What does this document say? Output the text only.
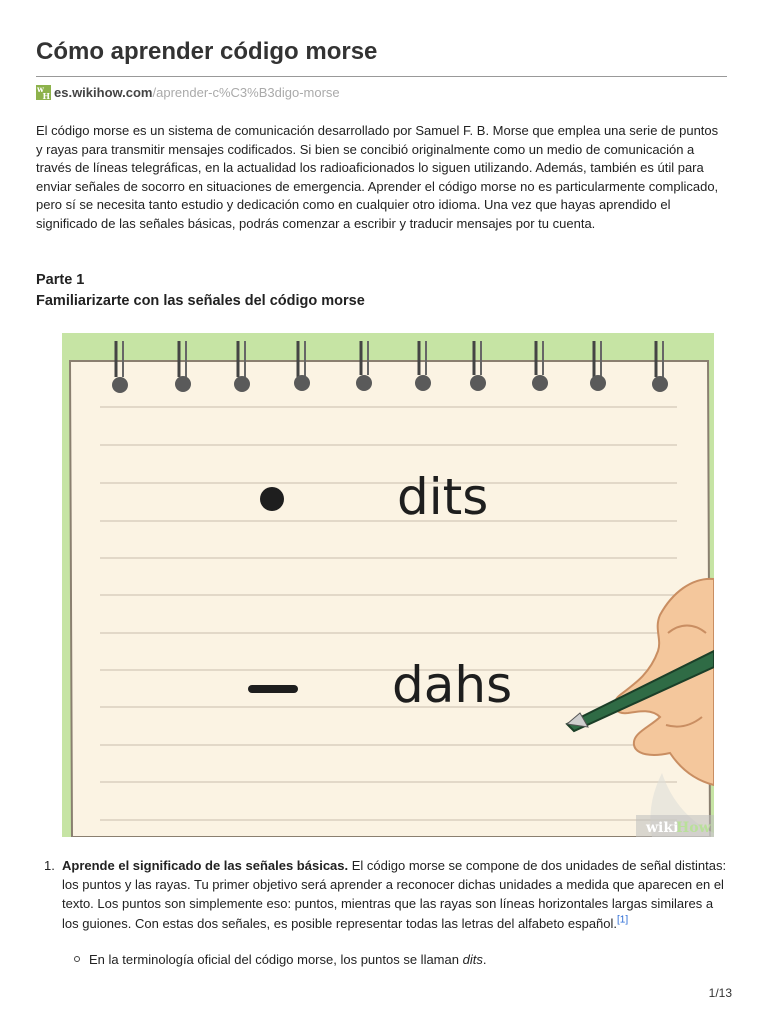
Cómo aprender código morse
w
H es.wikihow.com /aprender-c%C3%B3digo-morse

El código morse es un sistema de comunicación desarrollado por Samuel F. B. Morse que emplea una serie de puntos y rayas para transmitir mensajes codificados. Si bien se concibió originalmente como un medio de comunicación a través de líneas telegráficas, en la actualidad los radioaficionados lo siguen utilizando. Además, también es útil para enviar señales de socorro en situaciones de emergencia. Aprender el código morse no es particularmente complicado, pero sí se necesita tanto estudio y dedicación como en cualquier otro idioma. Una vez que hayas aprendido el significado de las señales básicas, podrás comenzar a escribir y traducir mensajes por tu cuenta.

Parte 1

Familiarizarte con las señales del código morse

dits
dahs
wiki
How
1. Aprende el significado de las señales básicas. El código morse se compone de dos unidades de señal distintas: los puntos y las rayas. Tu primer objetivo será aprender a reconocer dichas unidades a medida que aparecen en el texto. Los puntos son simplemente eso: puntos, mientras que las rayas son líneas horizontales largas similares a los guiones. Con estas dos señales, es posible representar todas las letras del alfabeto español.[1]
En la terminología oficial del código morse, los puntos se llaman dits.
1/13
